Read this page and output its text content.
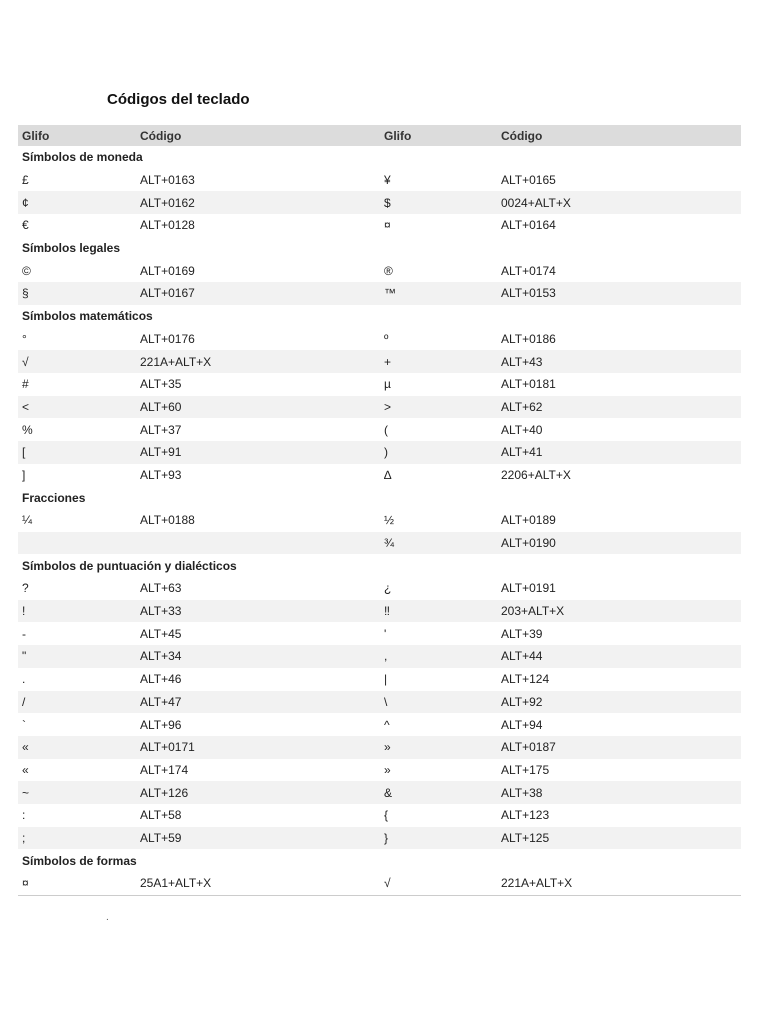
Códigos del teclado
Glifo	Código	Glifo	Código
Símbolos de moneda			
£	ALT+0163	¥	ALT+0165
¢	ALT+0162	$	0024+ALT+X
€	ALT+0128	¤	ALT+0164
Símbolos legales			
©	ALT+0169	®	ALT+0174
§	ALT+0167	™	ALT+0153
Símbolos matemáticos			
°	ALT+0176	º	ALT+0186
√	221A+ALT+X	+	ALT+43
#	ALT+35	µ	ALT+0181
<	ALT+60	>	ALT+62
%	ALT+37	(	ALT+40
[	ALT+91	)	ALT+41
]	ALT+93	∆	2206+ALT+X
Fracciones			
¼	ALT+0188	½	ALT+0189
		¾	ALT+0190
Símbolos de puntuación y dialécticos			
?	ALT+63	¿	ALT+0191
!	ALT+33	‼	203+ALT+X
-	ALT+45	'	ALT+39
"	ALT+34	,	ALT+44
.	ALT+46	|	ALT+124
/	ALT+47	\	ALT+92
`	ALT+96	^	ALT+94
«	ALT+0171	»	ALT+0187
«	ALT+174	»	ALT+175
~	ALT+126	&	ALT+38
:	ALT+58	{	ALT+123
;	ALT+59	}	ALT+125
Símbolos de formas			
¤	25A1+ALT+X	√	221A+ALT+X
.
